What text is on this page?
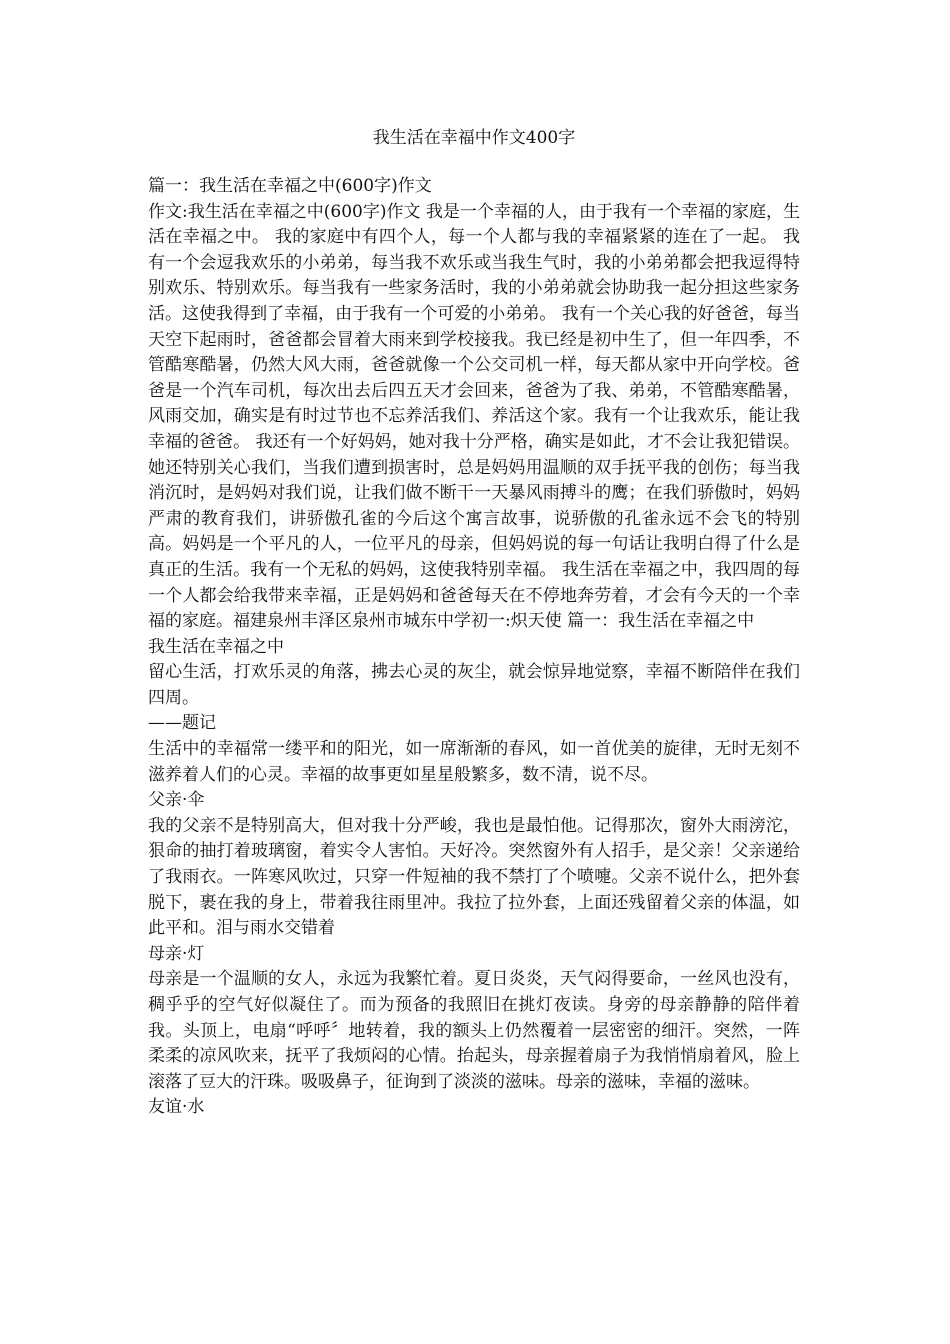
我生活在幸福中作文400字

篇一：我生活在幸福之中(600字)作文

作文:我生活在幸福之中(600字)作文 我是一个幸福的人，由于我有一个幸福的家庭，生活在幸福之中。 我的家庭中有四个人，每一个人都与我的幸福紧紧的连在了一起。 我有一个会逗我欢乐的小弟弟，每当我不欢乐或当我生气时，我的小弟弟都会把我逗得特别欢乐、特别欢乐。每当我有一些家务活时，我的小弟弟就会协助我一起分担这些家务活。这使我得到了幸福，由于我有一个可爱的小弟弟。 我有一个关心我的好爸爸，每当天空下起雨时，爸爸都会冒着大雨来到学校接我。我已经是初中生了，但一年四季，不管酷寒酷暑，仍然大风大雨，爸爸就像一个公交司机一样，每天都从家中开向学校。爸爸是一个汽车司机，每次出去后四五天才会回来，爸爸为了我、弟弟，不管酷寒酷暑，风雨交加，确实是有时过节也不忘养活我们、养活这个家。我有一个让我欢乐，能让我幸福的爸爸。 我还有一个好妈妈，她对我十分严格，确实是如此，才不会让我犯错误。她还特别关心我们，当我们遭到损害时，总是妈妈用温顺的双手抚平我的创伤；每当我消沉时，是妈妈对我们说，让我们做不断干一天暴风雨搏斗的鹰；在我们骄傲时，妈妈严肃的教育我们，讲骄傲孔雀的今后这个寓言故事，说骄傲的孔雀永远不会飞的特别高。妈妈是一个平凡的人，一位平凡的母亲，但妈妈说的每一句话让我明白得了什么是真正的生活。我有一个无私的妈妈，这使我特别幸福。 我生活在幸福之中，我四周的每一个人都会给我带来幸福，正是妈妈和爸爸每天在不停地奔劳着，才会有今天的一个幸福的家庭。福建泉州丰泽区泉州市城东中学初一:炽天使 篇一：我生活在幸福之中

我生活在幸福之中

留心生活，打欢乐灵的角落，拂去心灵的灰尘，就会惊异地觉察，幸福不断陪伴在我们四周。

——题记

生活中的幸福常一缕平和的阳光，如一席渐渐的春风，如一首优美的旋律，无时无刻不滋养着人们的心灵。幸福的故事更如星星般繁多，数不清，说不尽。

父亲·伞

我的父亲不是特别高大，但对我十分严峻，我也是最怕他。记得那次，窗外大雨滂沱，狠命的抽打着玻璃窗，着实令人害怕。天好冷。突然窗外有人招手，是父亲！父亲递给了我雨衣。一阵寒风吹过，只穿一件短袖的我不禁打了个喷嚏。父亲不说什么，把外套脱下，裹在我的身上，带着我往雨里冲。我拉了拉外套，上面还残留着父亲的体温，如此平和。泪与雨水交错着

母亲·灯

母亲是一个温顺的女人，永远为我繁忙着。夏日炎炎，天气闷得要命，一丝风也没有，稠乎乎的空气好似凝住了。而为预备的我照旧在挑灯夜读。身旁的母亲静静的陪伴着我。头顶上，电扇“呼呼〞地转着，我的额头上仍然覆着一层密密的细汗。突然，一阵柔柔的凉风吹来，抚平了我烦闷的心情。抬起头，母亲握着扇子为我悄悄扇着风，脸上滚落了豆大的汗珠。吸吸鼻子，征询到了淡淡的滋味。母亲的滋味，幸福的滋味。

友谊·水
